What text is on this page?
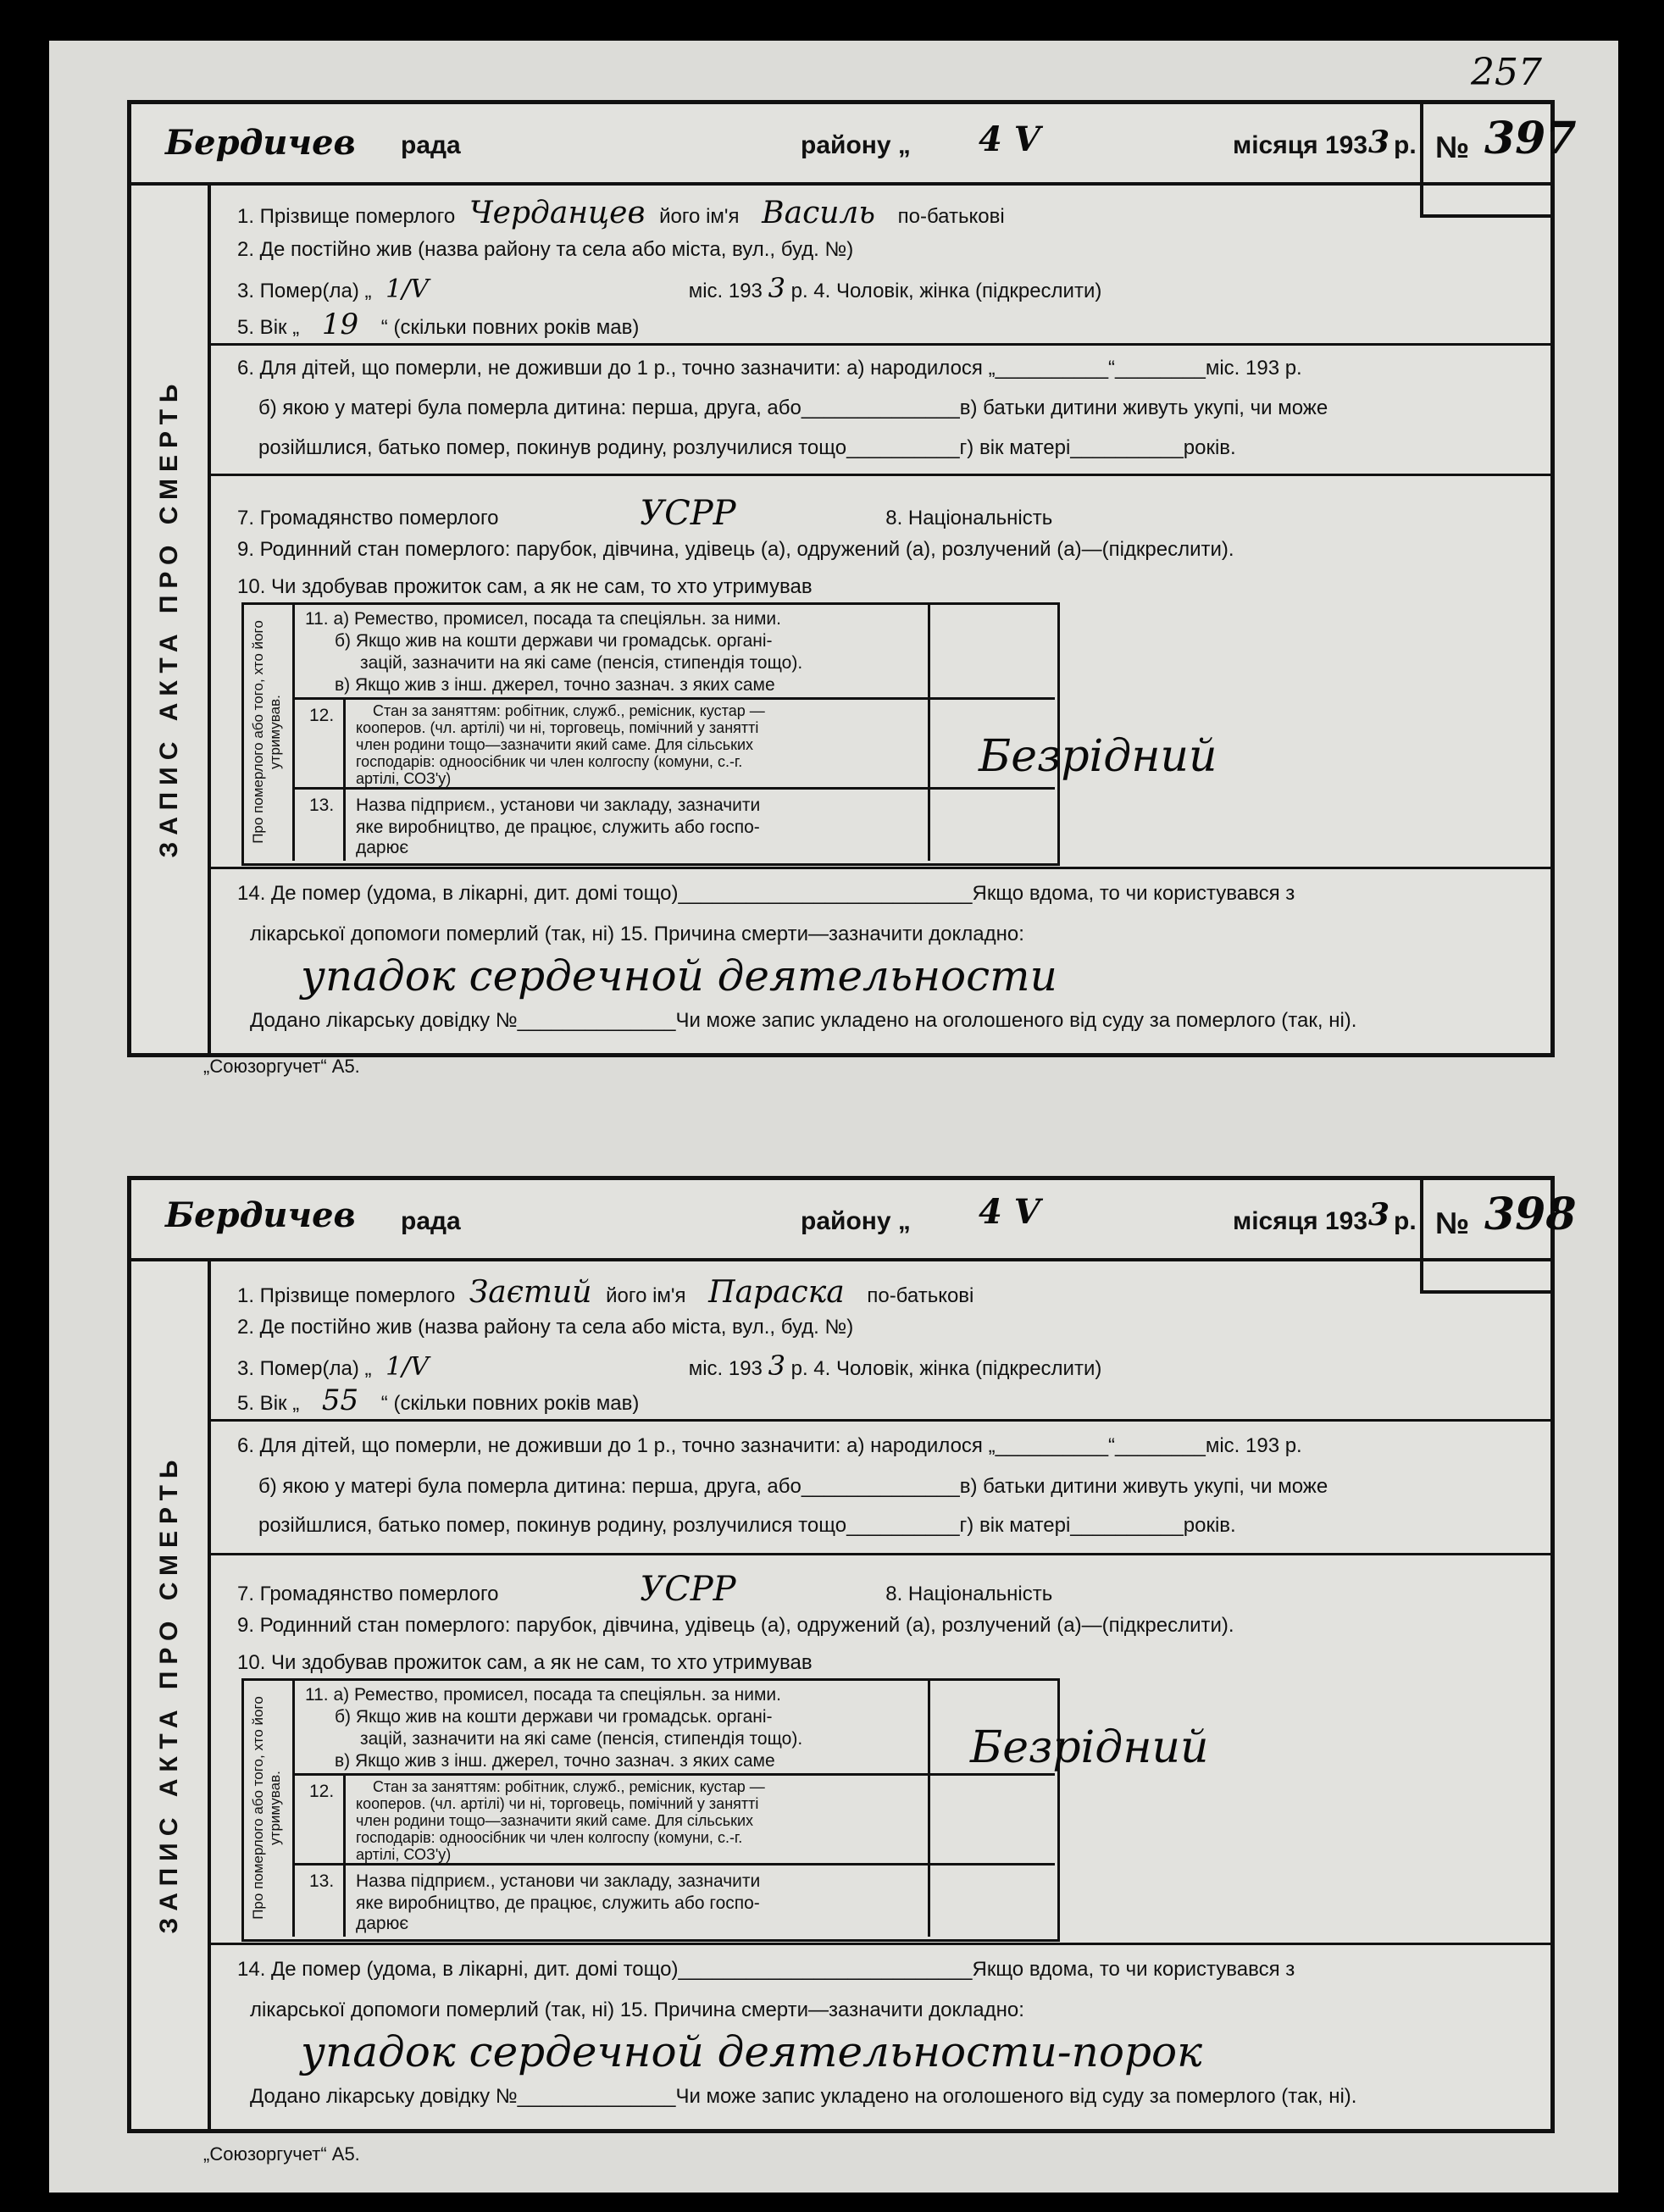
257
Бердичев рада	району „ 4 V	місяця 193 3 р. № 397
ЗАПИС АКТА ПРО СМЕРТЬ
1. Прізвище померлого Черданцев його ім'я Василь по-батькові
2. Де постійно жив (назва району та села або міста, вул., буд. №)
3. Помер(ла) „ 1/V	міс. 193 3 р. 4. Чоловік, жінка (підкреслити)
5. Вік „ 19 “ (скільки повних років мав)
6. Для дітей, що померли, не доживши до 1 р., точно зазначити: а) народилося „__________“________міс. 193 р.
б) якою у матері була померла дитина: перша, друга, або______________в) батьки дитини живуть укупі, чи може
розійшлися, батько помер, покинув родину, розлучилися тощо__________г) вік матері__________років.
7. Громадянство померлого	УСРР	8. Національність
9. Родинний стан померлого: парубок, дівчина, удівець (а), одружений (а), розлучений (а)—(підкреслити).
10. Чи здобував прожиток сам, а як не сам, то хто утримував
Про померлого або того, хто його утримував.
11. а) Ремество, промисел, посада та спеціяльн. за ними.
б) Якщо жив на кошти держави чи громадськ. органі-
зацій, зазначити на які саме (пенсія, стипендія тощо).
в) Якщо жив з інш. джерел, точно зазнач. з яких саме
12.	Стан за заняттям: робітник, служб., ремісник, кустар —
кооперов. (чл. артілі) чи ні, торговець, помічний у занятті
член родини тощо—зазначити який саме. Для сільських
господарів: одноосібник чи член колгоспу (комуни, с.-г.
артілі, СОЗ'у)
13. Назва підприєм., установи чи закладу, зазначити
яке виробництво, де працює, служить або госпо-
дарює
Безрідний
14. Де помер (удома, в лікарні, дит. домі тощо)__________________________Якщо вдома, то чи користувався з
лікарської допомоги померлий (так, ні) 15. Причина смерти—зазначити докладно:
упадок сердечной деятельности
Додано лікарську довідку №______________Чи може запис укладено на оголошеного від суду за померлого (так, ні).
„Союзоргучет“ А5.
Бердичев рада	району „ 4 V	місяця 193 3 р. № 398
ЗАПИС АКТА ПРО СМЕРТЬ
1. Прізвище померлого Заєтий його ім'я Параска по-батькові
2. Де постійно жив (назва району та села або міста, вул., буд. №)
3. Помер(ла) „ 1/V	міс. 193 3 р. 4. Чоловік, жінка (підкреслити)
5. Вік „ 55 “ (скільки повних років мав)
6. Для дітей, що померли, не доживши до 1 р., точно зазначити: а) народилося „__________“________міс. 193 р.
б) якою у матері була померла дитина: перша, друга, або______________в) батьки дитини живуть укупі, чи може
розійшлися, батько помер, покинув родину, розлучилися тощо__________г) вік матері__________років.
7. Громадянство померлого	УСРР	8. Національність
9. Родинний стан померлого: парубок, дівчина, удівець (а), одружений (а), розлучений (а)—(підкреслити).
10. Чи здобував прожиток сам, а як не сам, то хто утримував
Про померлого або того, хто його утримував.
11. а) Ремество, промисел, посада та спеціяльн. за ними.
б) Якщо жив на кошти держави чи громадськ. органі-
зацій, зазначити на які саме (пенсія, стипендія тощо).
в) Якщо жив з інш. джерел, точно зазнач. з яких саме
12.	Стан за заняттям: робітник, служб., ремісник, кустар —
кооперов. (чл. артілі) чи ні, торговець, помічний у занятті
член родини тощо—зазначити який саме. Для сільських
господарів: одноосібник чи член колгоспу (комуни, с.-г.
артілі, СОЗ'у)
13. Назва підприєм., установи чи закладу, зазначити
яке виробництво, де працює, служить або госпо-
дарює
Безрідний
14. Де помер (удома, в лікарні, дит. домі тощо)__________________________Якщо вдома, то чи користувався з
лікарської допомоги померлий (так, ні) 15. Причина смерти—зазначити докладно:
упадок сердечной деятельности-порок
Додано лікарську довідку №______________Чи може запис укладено на оголошеного від суду за померлого (так, ні).
„Союзоргучет“ А5.
